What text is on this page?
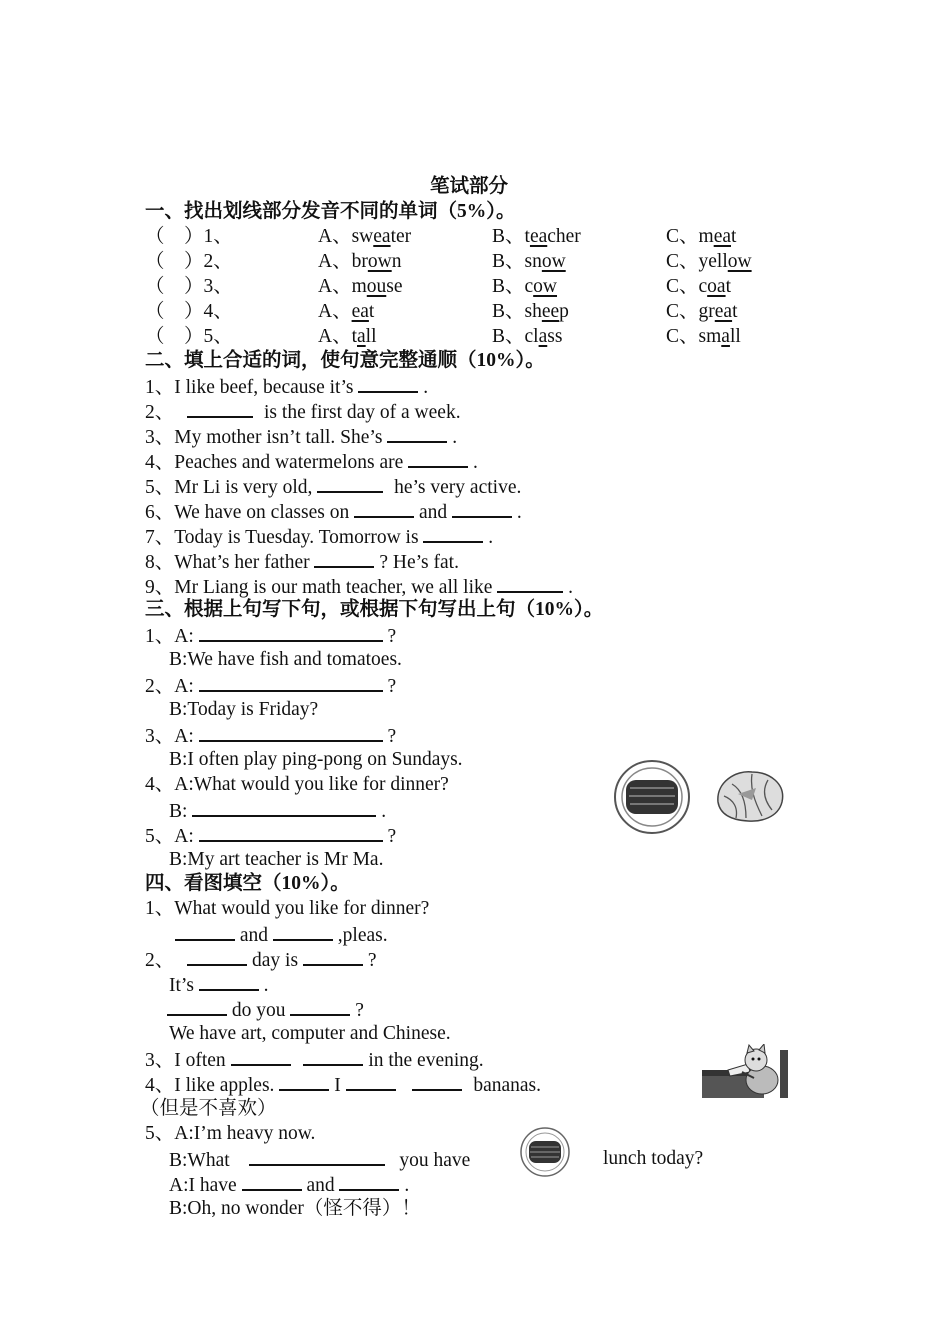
笔试部分
一、找出划线部分发音不同的单词（5%）。
（　）1、	A、sweater	B、teacher	C、meat
（　）2、	A、brown	B、snow	C、yellow
（　）3、	A、mouse	B、cow	C、coat
（　）4、	A、eat	B、sheep	C、great
（　）5、	A、tall	B、class	C、small
二、填上合适的词，使句意完整通顺（10%）。
1、I like beef, because it’s	.
2、	is the first day of a week.
3、My mother isn’t tall. She’s	.
4、Peaches and watermelons are	.
5、Mr Li is very old,	he’s very active.
6、We have on classes on	and	.
7、Today is Tuesday. Tomorrow is	.
8、What’s her father	? He’s fat.
9、Mr Liang is our math teacher, we all like	.
三、根据上句写下句，或根据下句写出上句（10%）。
1、A:	?
B:We have fish and tomatoes.
2、A:	?
B:Today is Friday?
3、A:	?
B:I often play ping-pong on Sundays.
4、A:What would you like for dinner?
B:	.
5、A:	?
B:My art teacher is Mr Ma.
四、看图填空（10%）。
1、What would you like for dinner?
and	,pleas.
2、	day is	?
It’s	.
do you	?
We have art, computer and Chinese.
3、I often	in the evening.
4、I like apples.	I	bananas.
（但是不喜欢）
5、A:I’m heavy now.
B:What	you have	lunch today?
A:I have	and	.
B:Oh, no wonder（怪不得）！
